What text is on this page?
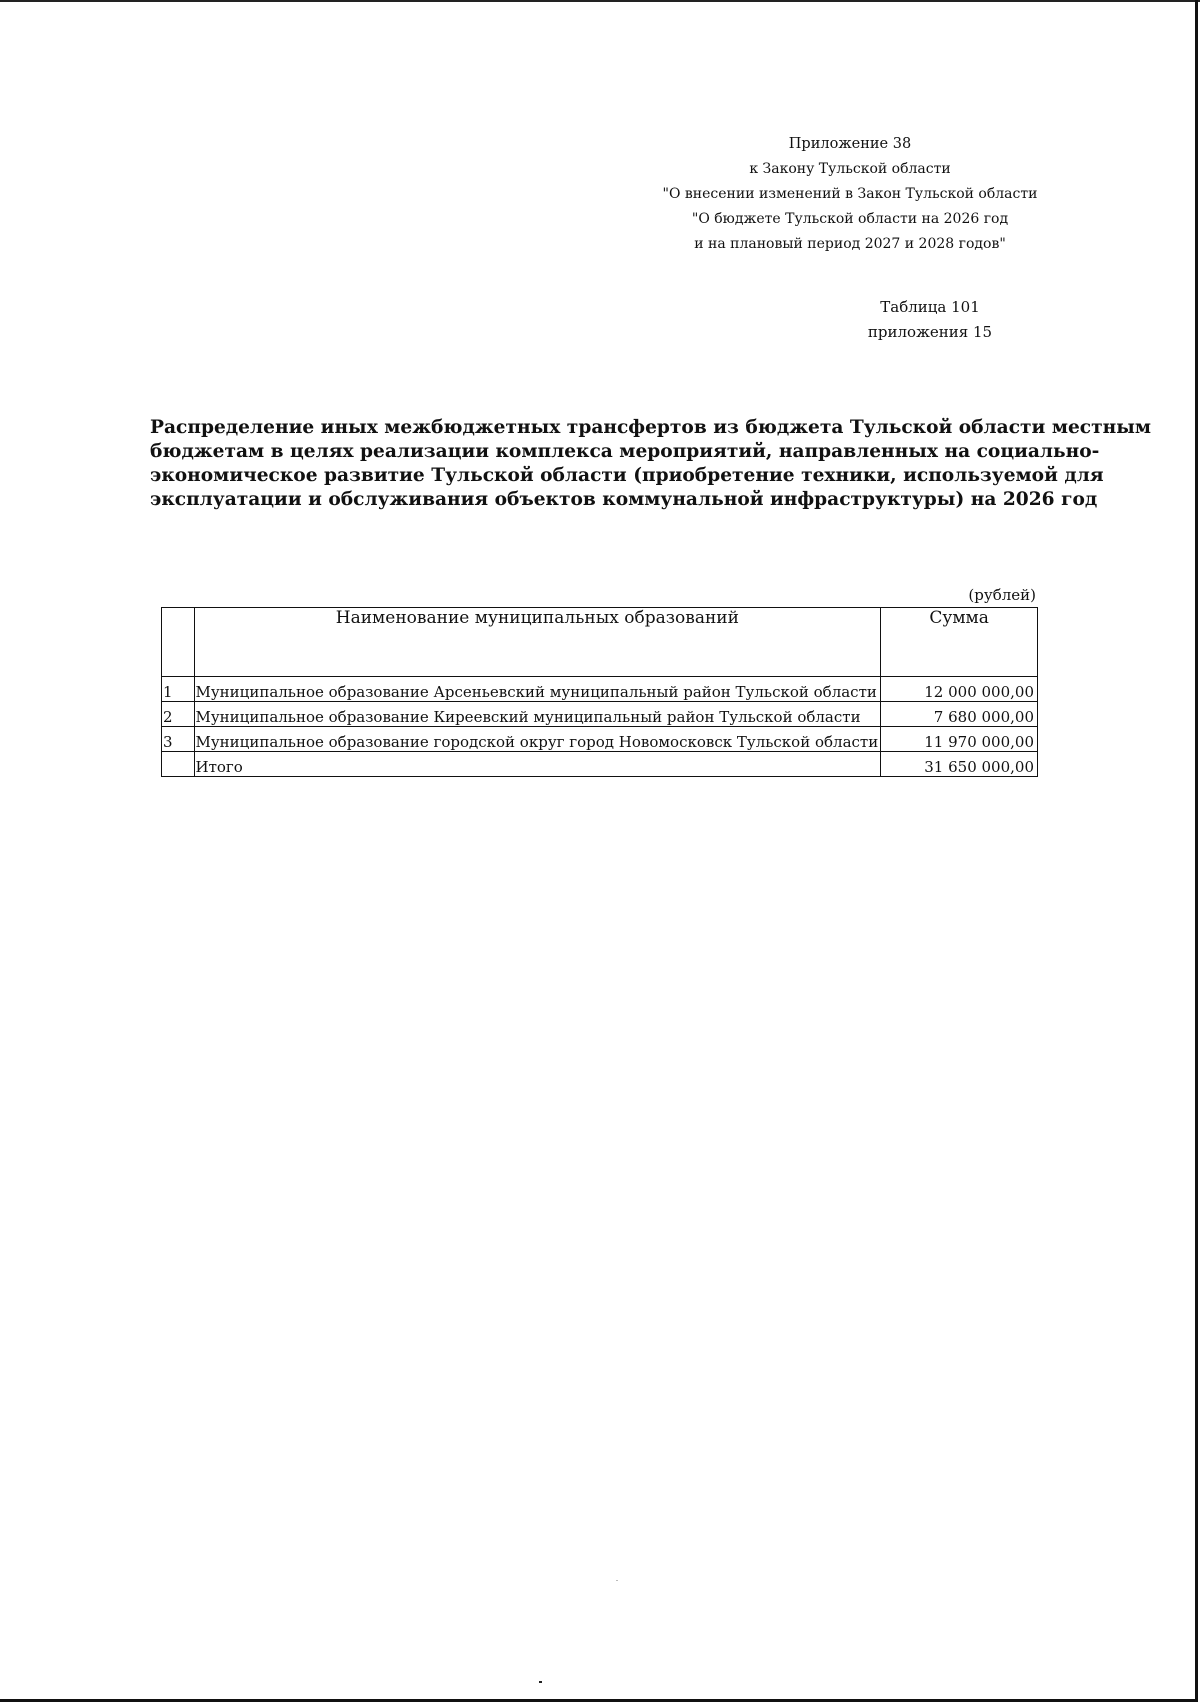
Приложение 38
к Закону Тульской области
"О внесении изменений в Закон Тульской области
"О бюджете Тульской области на 2026 год
и на плановый период 2027 и 2028 годов"
Таблица 101
приложения 15
Распределение иных межбюджетных трансфертов из бюджета Тульской области местным
бюджетам в целях реализации комплекса мероприятий, направленных на социально-
экономическое развитие Тульской области (приобретение техники, используемой для
эксплуатации и обслуживания объектов коммунальной инфраструктуры) на 2026 год
(рублей)
	Наименование муниципальных образований	Сумма
1	Муниципальное образование Арсеньевский муниципальный район Тульской области	12 000 000,00
2	Муниципальное образование Киреевский муниципальный район Тульской области	7 680 000,00
3	Муниципальное образование городской округ город Новомосковск Тульской области	11 970 000,00
	Итого	31 650 000,00
